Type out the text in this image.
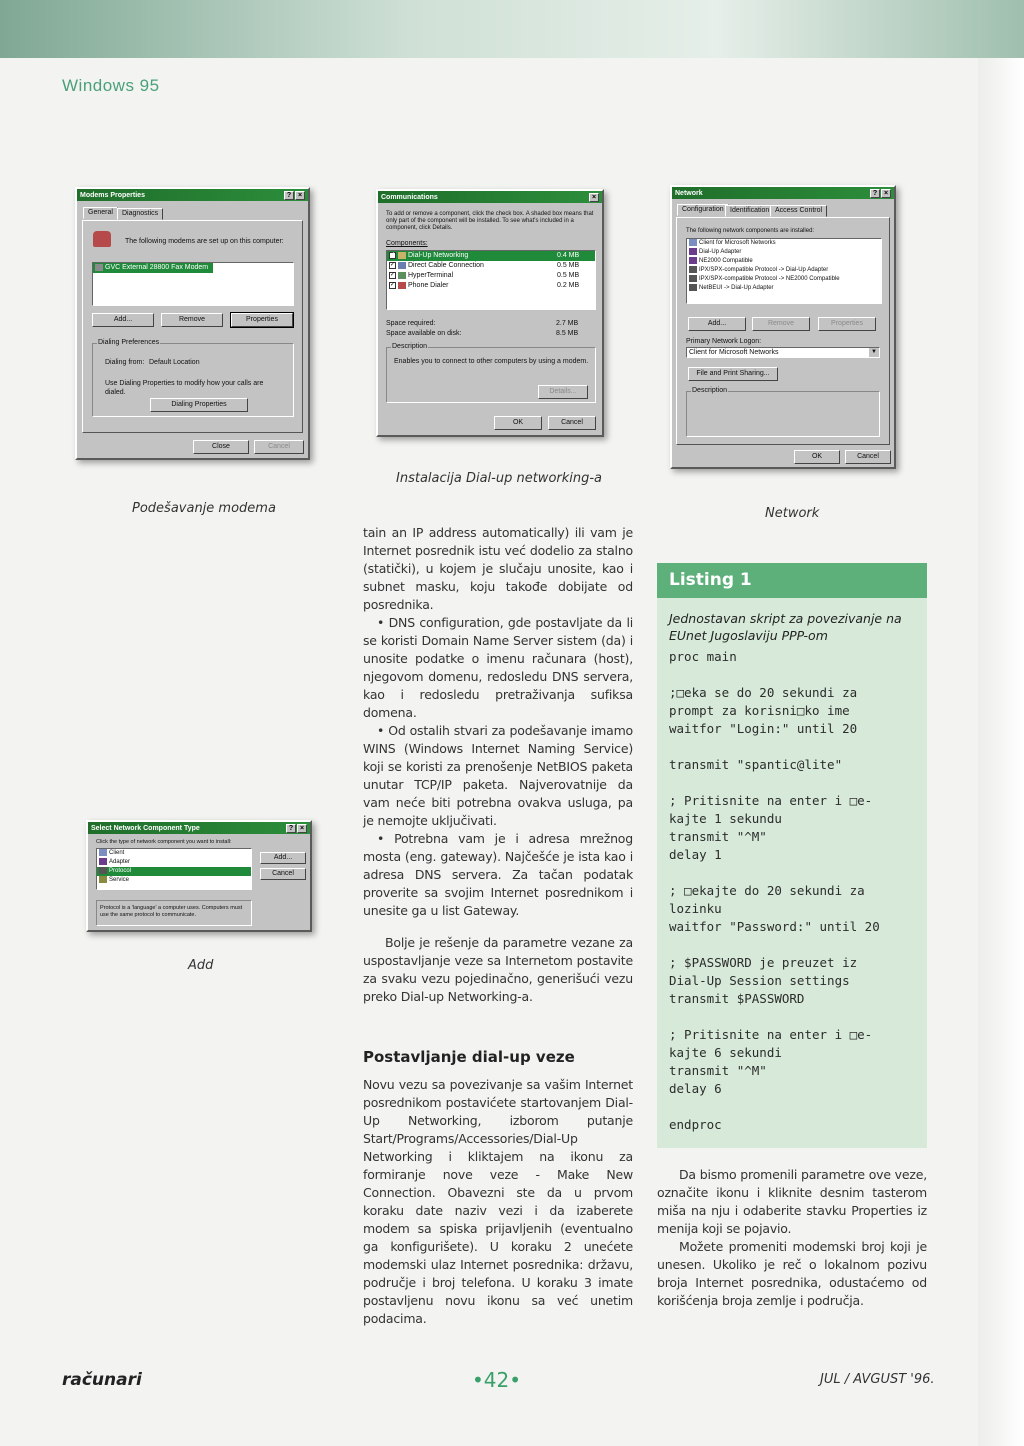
Windows 95
Modems Properties	? ×
General	Diagnostics
The following modems are set up on this computer:
GVC External 28800 Fax Modem
Add...	Remove	Properties
Dialing Preferences
Dialing from: Default Location
Use Dialing Properties to modify how your calls are dialed.
Dialing Properties
Close	Cancel
Podešavanje modema
Communications	×
To add or remove a component, click the check box. A shaded box means that only part of the component will be installed. To see what's included in a component, click Details.
Components:
✓ Dial-Up Networking	0.4 MB
✓ Direct Cable Connection	0.5 MB
✓ HyperTerminal	0.5 MB
✓ Phone Dialer	0.2 MB
Space required:	2.7 MB
Space available on disk:	8.5 MB
Description
Enables you to connect to other computers by using a modem.
Details...
OK	Cancel
Instalacija Dial-up networking-a
Network	? ×
Configuration Identification Access Control
The following network components are installed:
Client for Microsoft Networks
Dial-Up Adapter
NE2000 Compatible
IPX/SPX-compatible Protocol -> Dial-Up Adapter
IPX/SPX-compatible Protocol -> NE2000 Compatible
NetBEUI -> Dial-Up Adapter
Add...	Remove	Properties
Primary Network Logon:
Client for Microsoft Networks	▼
File and Print Sharing...
Description
OK	Cancel
Network
Select Network Component Type	? ×
Click the type of network component you want to install:
Client
Adapter
Protocol
Service
Add...
Cancel
Protocol is a 'language' a computer uses. Computers must use the same protocol to communicate.
Add

tain an IP address automatically) ili vam je Internet posrednik istu već dodelio za stalno (statički), u kojem je slučaju unosite, kao i subnet masku, koju takođe dobijate od posrednika.

• DNS configuration, gde postavljate da li se koristi Domain Name Server sistem (da) i unosite podatke o imenu računara (host), njegovom domenu, redosledu DNS servera, kao i redosledu pretraživanja sufiksa domena.

• Od ostalih stvari za podešavanje imamo WINS (Windows Internet Naming Service) koji se koristi za prenošenje NetBIOS paketa unutar TCP/IP paketa. Najverovatnije da vam neće biti potrebna ovakva usluga, pa je nemojte uključivati.

• Potrebna vam je i adresa mrežnog mosta (eng. gateway). Najčešće je ista kao i adresa DNS servera. Za tačan podatak proverite sa svojim Internet posrednikom i unesite ga u list Gateway.

Bolje je rešenje da parametre vezane za uspostavljanje veze sa Internetom postavite za svaku vezu pojedinačno, generišući vezu preko Dial-up Networking-a.

Postavljanje dial-up veze

Novu vezu sa povezivanje sa vašim Internet posrednikom postavićete startovanjem Dial-Up Networking, izborom putanje Start/Programs/Accessories/Dial-Up Networking i kliktajem na ikonu za formiranje nove veze - Make New Connection. Obavezni ste da u prvom koraku date naziv vezi i da izaberete modem sa spiska prijavljenih (eventualno ga konfigurišete). U koraku 2 unećete modemski ulaz Internet posrednika: državu, područje i broj telefona. U koraku 3 imate postavljenu novu ikonu sa već unetim podacima.

Listing 1
Jednostavan skript za povezivanje na EUnet Jugoslaviju PPP-om
proc main

;□eka se do 20 sekundi za
prompt za korisni□ko ime
waitfor "Login:" until 20

transmit "spantic@lite"

; Pritisnite na enter i □e-
kajte 1 sekundu
transmit "^M"
delay 1

; □ekajte do 20 sekundi za
lozinku
waitfor "Password:" until 20

; $PASSWORD je preuzet iz
Dial-Up Session settings
transmit $PASSWORD

; Pritisnite na enter i □e-
kajte 6 sekundi
transmit "^M"
delay 6

endproc

Da bismo promenili parametre ove veze, označite ikonu i kliknite desnim tasterom miša na nju i odaberite stavku Properties iz menija koji se pojavio.

Možete promeniti modemski broj koji je unesen. Ukoliko je reč o lokalnom pozivu broja Internet posrednika, odustaćemo od korišćenja broja zemlje i područja.

računari	•42•	JUL / AVGUST '96.
